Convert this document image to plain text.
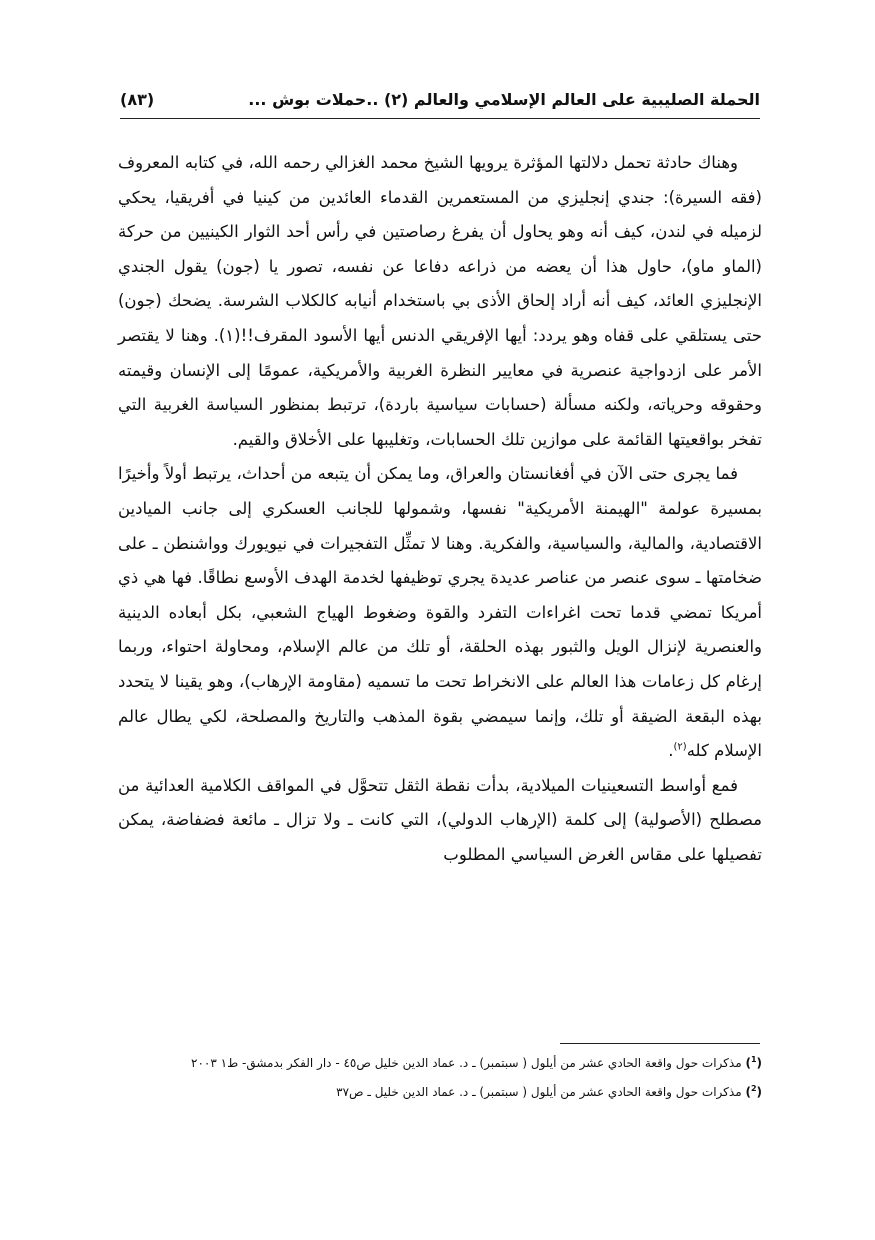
الحملة الصليبية على العالم الإسلامي والعالم (٢) ..حملات بوش ...
(٨٣)

وهناك حادثة تحمل دلالتها المؤثرة يرويها الشيخ محمد الغزالي رحمه الله، في كتابه المعروف (فقه السيرة): جندي إنجليزي من المستعمرين القدماء العائدين من كينيا في أفريقيا، يحكي لزميله في لندن، كيف أنه وهو يحاول أن يفرغ رصاصتين في رأس أحد الثوار الكينيين من حركة (الماو ماو)، حاول هذا أن يعضه من ذراعه دفاعا عن نفسه، تصور يا (جون) يقول الجندي الإنجليزي العائد، كيف أنه أراد إلحاق الأذى بي باستخدام أنيابه كالكلاب الشرسة. يضحك (جون) حتى يستلقي على قفاه وهو يردد: أيها الإفريقي الدنس أيها الأسود المقرف!!(١). وهنا لا يقتصر الأمر على ازدواجية عنصرية في معايير النظرة الغربية والأمريكية، عمومًا إلى الإنسان وقيمته وحقوقه وحرياته، ولكنه مسألة (حسابات سياسية باردة)، ترتبط بمنظور السياسة الغربية التي تفخر بواقعيتها القائمة على موازين تلك الحسابات، وتغليبها على الأخلاق والقيم.

فما يجرى حتى الآن في أفغانستان والعراق، وما يمكن أن يتبعه من أحداث، يرتبط أولاً وأخيرًا بمسيرة عولمة "الهيمنة الأمريكية" نفسها، وشمولها للجانب العسكري إلى جانب الميادين الاقتصادية، والمالية، والسياسية، والفكرية. وهنا لا تمثِّل التفجيرات في نيويورك وواشنطن ـ على ضخامتها ـ سوى عنصر من عناصر عديدة يجري توظيفها لخدمة الهدف الأوسع نطاقًا. فها هي ذي أمريكا تمضي قدما تحت اغراءات التفرد والقوة وضغوط الهياج الشعبي، بكل أبعاده الدينية والعنصرية لإنزال الويل والثبور بهذه الحلقة، أو تلك من عالم الإسلام، ومحاولة احتواء، وربما إرغام كل زعامات هذا العالم على الانخراط تحت ما تسميه (مقاومة الإرهاب)، وهو يقينا لا يتحدد بهذه البقعة الضيقة أو تلك، وإنما سيمضي بقوة المذهب والتاريخ والمصلحة، لكي يطال عالم الإسلام كله$^{(٢)}$.

فمع أواسط التسعينيات الميلادية، بدأت نقطة الثقل تتحوَّل في المواقف الكلامية العدائية من مصطلح (الأصولية) إلى كلمة (الإرهاب الدولي)، التي كانت ـ ولا تزال ـ مائعة فضفاضة، يمكن تفصيلها على مقاس الغرض السياسي المطلوب

($^1$) مذكرات حول واقعة الحادي عشر من أيلول ( سبتمبر) ـ د. عماد الدين خليل ص٤٥ - دار الفكر بدمشق- ط١ ٢٠٠٣

($^2$) مذكرات حول واقعة الحادي عشر من أيلول ( سبتمبر) ـ د. عماد الدين خليل ـ ص٣٧
